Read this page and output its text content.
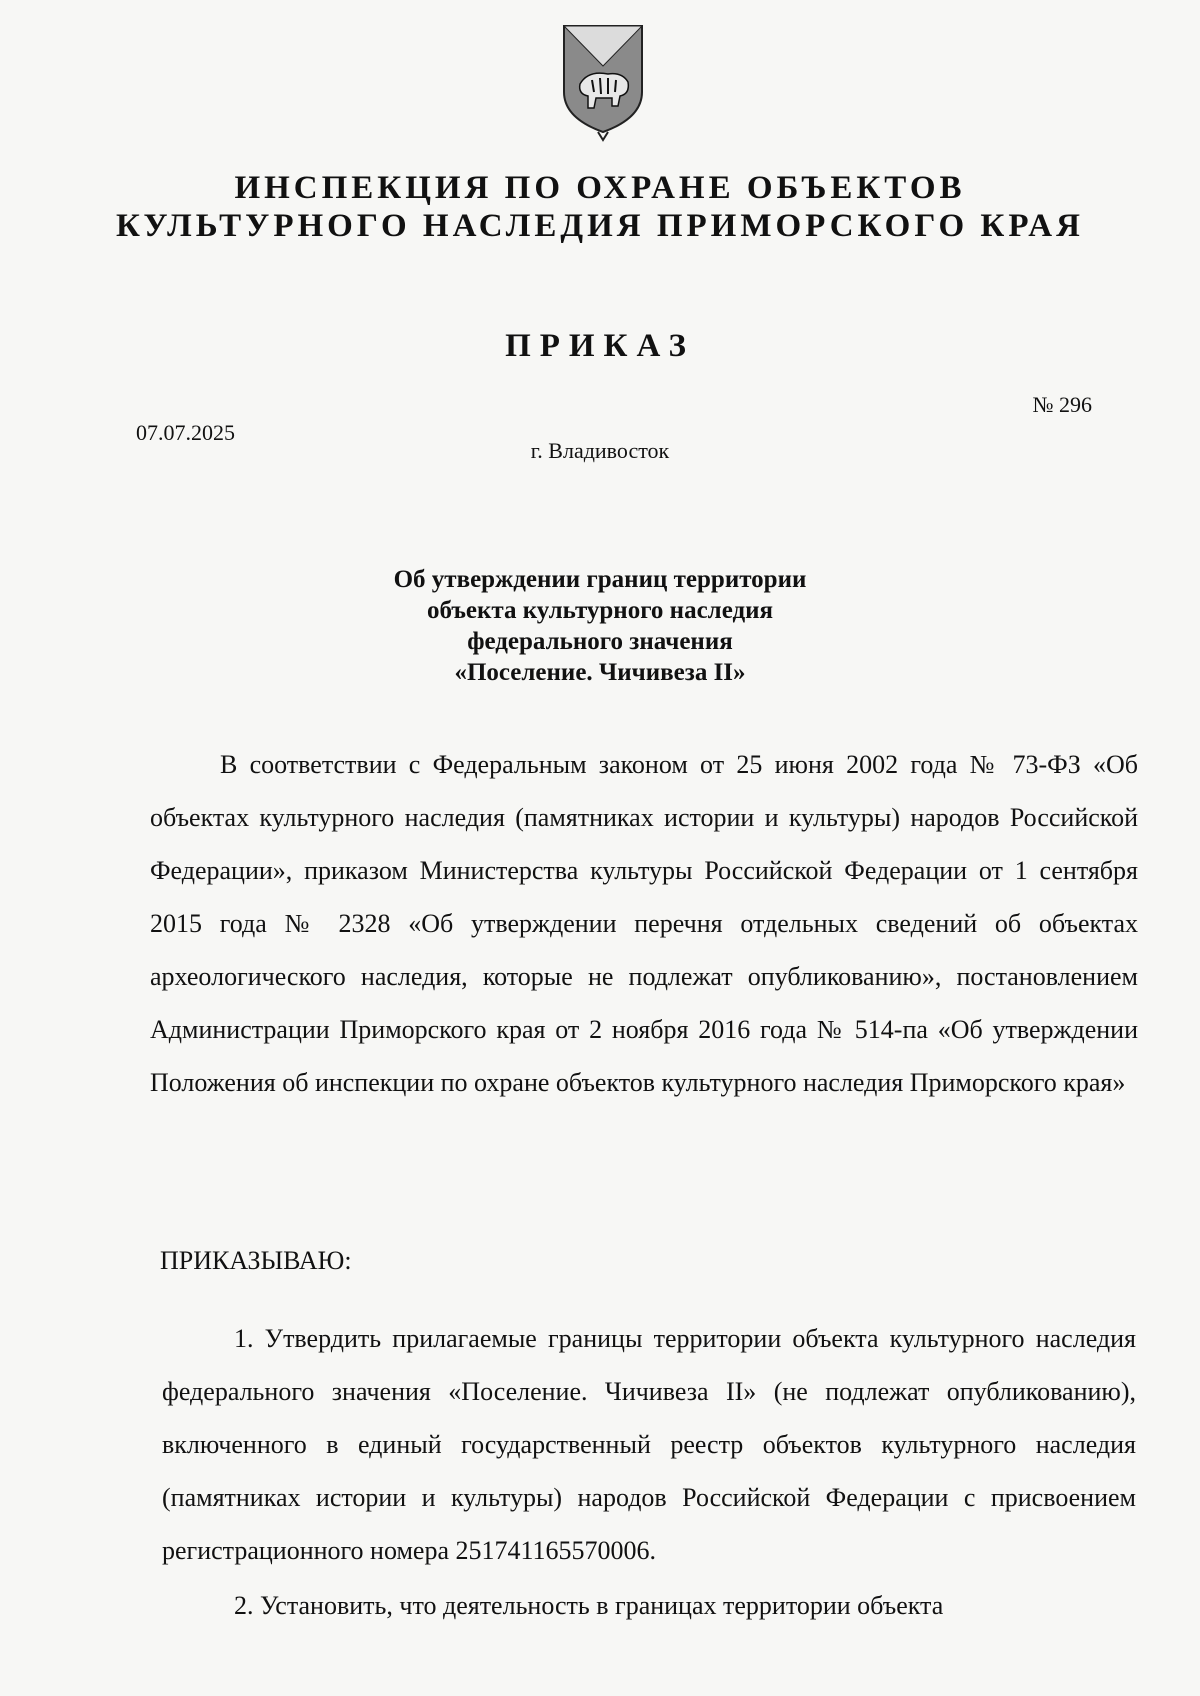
ИНСПЕКЦИЯ ПО ОХРАНЕ ОБЪЕКТОВ
КУЛЬТУРНОГО НАСЛЕДИЯ ПРИМОРСКОГО КРАЯ
ПРИКАЗ
№ 296
07.07.2025
г. Владивосток
Об утверждении границ территории
объекта культурного наследия
федерального значения
«Поселение. Чичивеза II»

В соответствии с Федеральным законом от 25 июня 2002 года № 73-ФЗ «Об объектах культурного наследия (памятниках истории и культуры) народов Российской Федерации», приказом Министерства культуры Российской Федерации от 1 сентября 2015 года № 2328 «Об утверждении перечня отдельных сведений об объектах археологического наследия, которые не подлежат опубликованию», постановлением Администрации Приморского края от 2 ноября 2016 года № 514-па «Об утверждении Положения об инспекции по охране объектов культурного наследия Приморского края»

ПРИКАЗЫВАЮ:

1. Утвердить прилагаемые границы территории объекта культурного наследия федерального значения «Поселение. Чичивеза II» (не подлежат опубликованию), включенного в единый государственный реестр объектов культурного наследия (памятниках истории и культуры) народов Российской Федерации с присвоением регистрационного номера 251741165570006.

2. Установить, что деятельность в границах территории объекта
